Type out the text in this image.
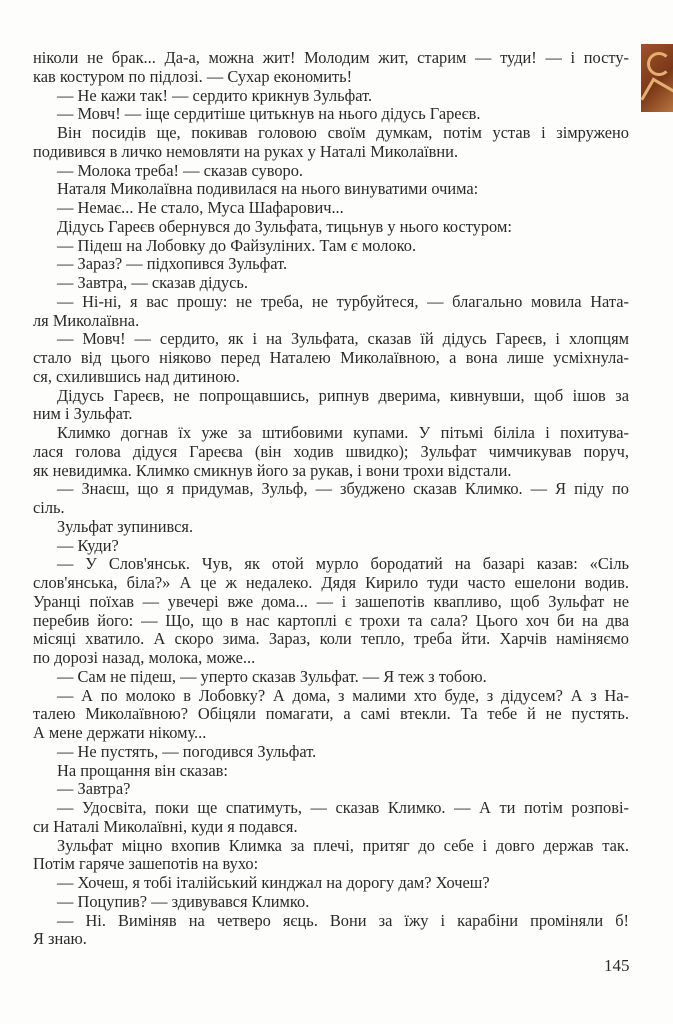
ніколи не брак... Да-а, можна жит! Молодим жит, старим — туди! — і посту-
кав костуром по підлозі. — Сухар економить!
— Не кажи так! — сердито крикнув Зульфат.
— Мовч! — іще сердитіше цитькнув на нього дідусь Гареєв.
Він посидів ще, покивав головою своїм думкам, потім устав і зімружено
подивився в личко немовляти на руках у Наталі Миколаївни.
— Молока треба! — сказав суворо.
Наталя Миколаївна подивилася на нього винуватими очима:
— Немає... Не стало, Муса Шафарович...
Дідусь Гареєв обернувся до Зульфата, тицьнув у нього костуром:
— Підеш на Лобовку до Файзуліних. Там є молоко.
— Зараз? — підхопився Зульфат.
— Завтра, — сказав дідусь.
— Ні-ні, я вас прошу: не треба, не турбуйтеся, — благально мовила Ната-
ля Миколаївна.
— Мовч! — сердито, як і на Зульфата, сказав їй дідусь Гареєв, і хлопцям
стало від цього ніяково перед Наталею Миколаївною, а вона лише усміхнула-
ся, схилившись над дитиною.
Дідусь Гареєв, не попрощавшись, рипнув дверима, кивнувши, щоб ішов за
ним і Зульфат.
Климко догнав їх уже за штибовими купами. У пітьмі біліла і похитува-
лася голова дідуся Гареєва (він ходив швидко); Зульфат чимчикував поруч,
як невидимка. Климко смикнув його за рукав, і вони трохи відстали.
— Знаєш, що я придумав, Зульф, — збуджено сказав Климко. — Я піду по
сіль.
Зульфат зупинився.
— Куди?
— У Слов'янськ. Чув, як отой мурло бородатий на базарі казав: «Сіль
слов'янська, біла?» А це ж недалеко. Дядя Кирило туди часто ешелони водив.
Уранці поїхав — увечері вже дома... — і зашепотів квапливо, щоб Зульфат не
перебив його: — Що, що в нас картоплі є трохи та сала? Цього хоч би на два
місяці хватило. А скоро зима. Зараз, коли тепло, треба йти. Харчів наміняємо
по дорозі назад, молока, може...
— Сам не підеш, — уперто сказав Зульфат. — Я теж з тобою.
— А по молоко в Лобовку? А дома, з малими хто буде, з дідусем? А з На-
талею Миколаївною? Обіцяли помагати, а самі втекли. Та тебе й не пустять.
А мене держати нікому...
— Не пустять, — погодився Зульфат.
На прощання він сказав:
— Завтра?
— Удосвіта, поки ще спатимуть, — сказав Климко. — А ти потім розпові-
си Наталі Миколаївні, куди я подався.
Зульфат міцно вхопив Климка за плечі, притяг до себе і довго держав так.
Потім гаряче зашепотів на вухо:
— Хочеш, я тобі італійський кинджал на дорогу дам? Хочеш?
— Поцупив? — здивувався Климко.
— Ні. Виміняв на четверо яєць. Вони за їжу і карабіни проміняли б!
Я знаю.
145
